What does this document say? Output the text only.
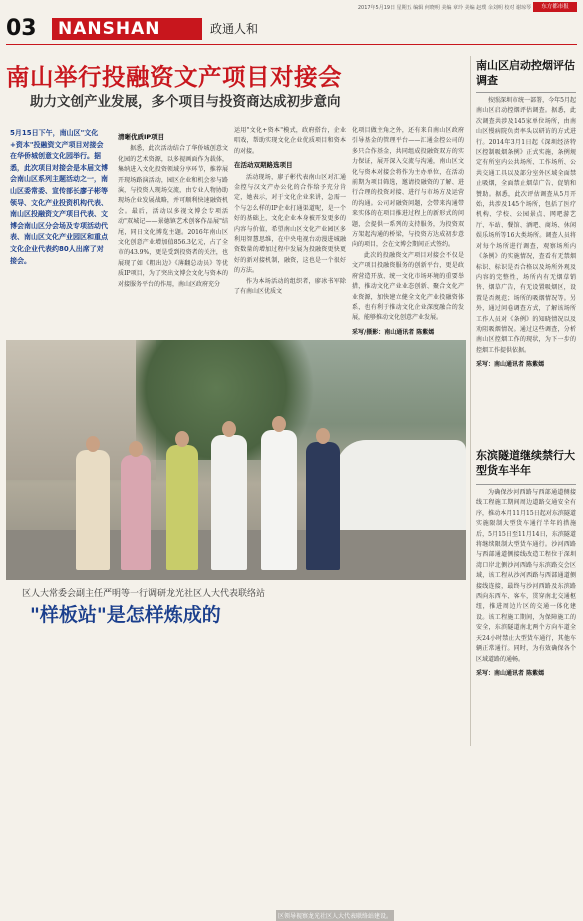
2017年5月19日 星期五 编辑 何晓明 美编 章玲 美编 赵璞 余刘明 校对 谢琼琴	东方都市报
03	NANSHAN	政通人和
南山举行投融资文产项目对接会
助力文创产业发展，多个项目与投资商达成初步意向
5月15日下午，南山区"文化+资本"投融资文产项目对接会在华侨城创意文化园举行。据悉，此次项目对接会是本届文博会南山区系列主题活动之一，南山区委常委、宣传部长廖子彬等领导、文化产业投资机构代表、南山区投融资文产项目代表、文博会南山区分会场及专项活动代表、南山区文化产业园区和重点文化企业代表约80人出席了对接会。
清晰优质IP项目

据悉，此次活动结合了华侨城创意文化园的艺术资源，以多视画面作为载体，集纳进入文化投资领域分享环节，推荐展开现场路演活动，园区企业和机会参与路演，与投资人现场交流，由专业人物协助现场企业发展战略，并可顺利快速融资机会。最后，活动以多视文博会专项活动"双城记——景德镇艺术创客作品展"结尾，同日文化博览主题。2016年南山区文化创意产业增加值856.3亿元，占了全市的43.9%，更是受到投资者的关注，也展现了如《粗出边》《薄翻总动员》等优质IP项目，为了突出文博会文化与资本的对接服务平台的作用，南山区政府充分

运用"文化+资本"模式，政府搭台，企业唱戏，帮助实现文化企业优质项目和资本的对接。

在活动双期路选项目

活动现场，廖子彬代表南山区对汇通金控与汉文产办公化的合作给予充分肯定，她表示，对于文化企业来讲，急需一个与怎么样的IP企业打通渠道呢，是一个好的基础上，文化企业本身被开发更多的内容与价值，希望南山区文化产业园区多利用智慧思维，在中央电视台动漫进城融资数量的增加过程中发展为投融资更快更好的新对接机制，融资，这也是一个很好的方法。

作为本场活动的组织者，廖冰书军除了有南山区优质文

化项目做主角之外，还有来自南山区政府引导基金的管理平台——汇通金控公司的多只合作基金，共同组成投融资双方的实力保证，展开深入交流与沟通，南山区文化与资本对接会将作为主办单位，在活动前期为项目筛选，邀请投融资的了解、进行合理的投资对接、进行与市场方及运营的沟通。公司对融资问题，会带来沟通带来实体的在项目推进过程上的新形式的问题，会提供一系列的支持服务，为投资双方架起沟通的桥梁，与投资方达成初步意向的项目，会在文博会期间正式签约。

此次的投融资文产项目对接会不仅是文产项目投融资服务的创新平台，更是政府营造开放、统一文化市场环境的重要举措，推动文化产业业态创新、聚合文化产业资源，加快建立健全文化产业投融资体系，也有利于推动文化企业深度融合的发展，能够推动文化创意产业发展。

采写/摄影：南山通讯者 陈紫嫣
南山区启动控烟评估调查

按照深圳市统一部署，今年5月起南山区启动控烟评估调查。据悉，此次调查共涉及145家单位场所，由南山区慢病院负责率头以研访的方式进行。2014年3月1日起《深圳经济特区控制吸烟条例》正式实施，条例规定有所室内公共场所、工作场所、公共交通工具以及部分室外区域全面禁止吸烟，全面禁止烟草广告、促销和赞助。据悉，此次评估调查从5月开始，共涉及145个场所，包括了医疗机构、学校、公园景点、网吧游艺厅、车站、餐馆、酒吧、商场、休闲娱乐场所等16大类场所。调查人员将对每个场所进行调查，观察场所内《条例》的实施情况，查看有无禁烟标识、标识是否合格以及场所外观及内容的完整性，场所内有无烟草销售、烟草广告，有无设置吸烟区，设置是否规范；场所的吸烟情况等。另外，通过问卷调查方式，了解该场所工作人员对《条例》的知晓情况以及劝阻吸烟情况。通过这些调查，分析南山区控烟工作的现状，为下一步的控烟工作提供依据。

采写：南山通讯者 陈紫嫣
东滨隧道继续禁行大型货车半年

为确保沙河西路与西部通道侧接线工程施工期间周边道路交通安全有序，推动本月11月15日起对东滨隧道实施限制大型货车通行半年的措施后，5月15日至11月14日，东滨隧道将继续限制大型货车通行。沙河西路与西部通道侧接线改造工程位于深圳湾口岸北侧沙河西路与东滨路交会区域，该工程从沙河西路与西部通道侧接线连接，最终与沙河西路及东滨路西向东西车、客车，贯穿南北交通枢纽，推进周边片区的交通一体化建设。该工程施工期间，为保障施工的安全，东滨隧道南北两个方向车道全天24小时禁止大型货车通行，其他车辆正常通行。同时，为有效确保各个区域道路的通畅。

采写：南山通讯者 陈紫嫣
区领导视察龙光社区人大代表联络站建设。
区人大常委会副主任严明等一行调研龙光社区人大代表联络站
"样板站"是怎样炼成的
